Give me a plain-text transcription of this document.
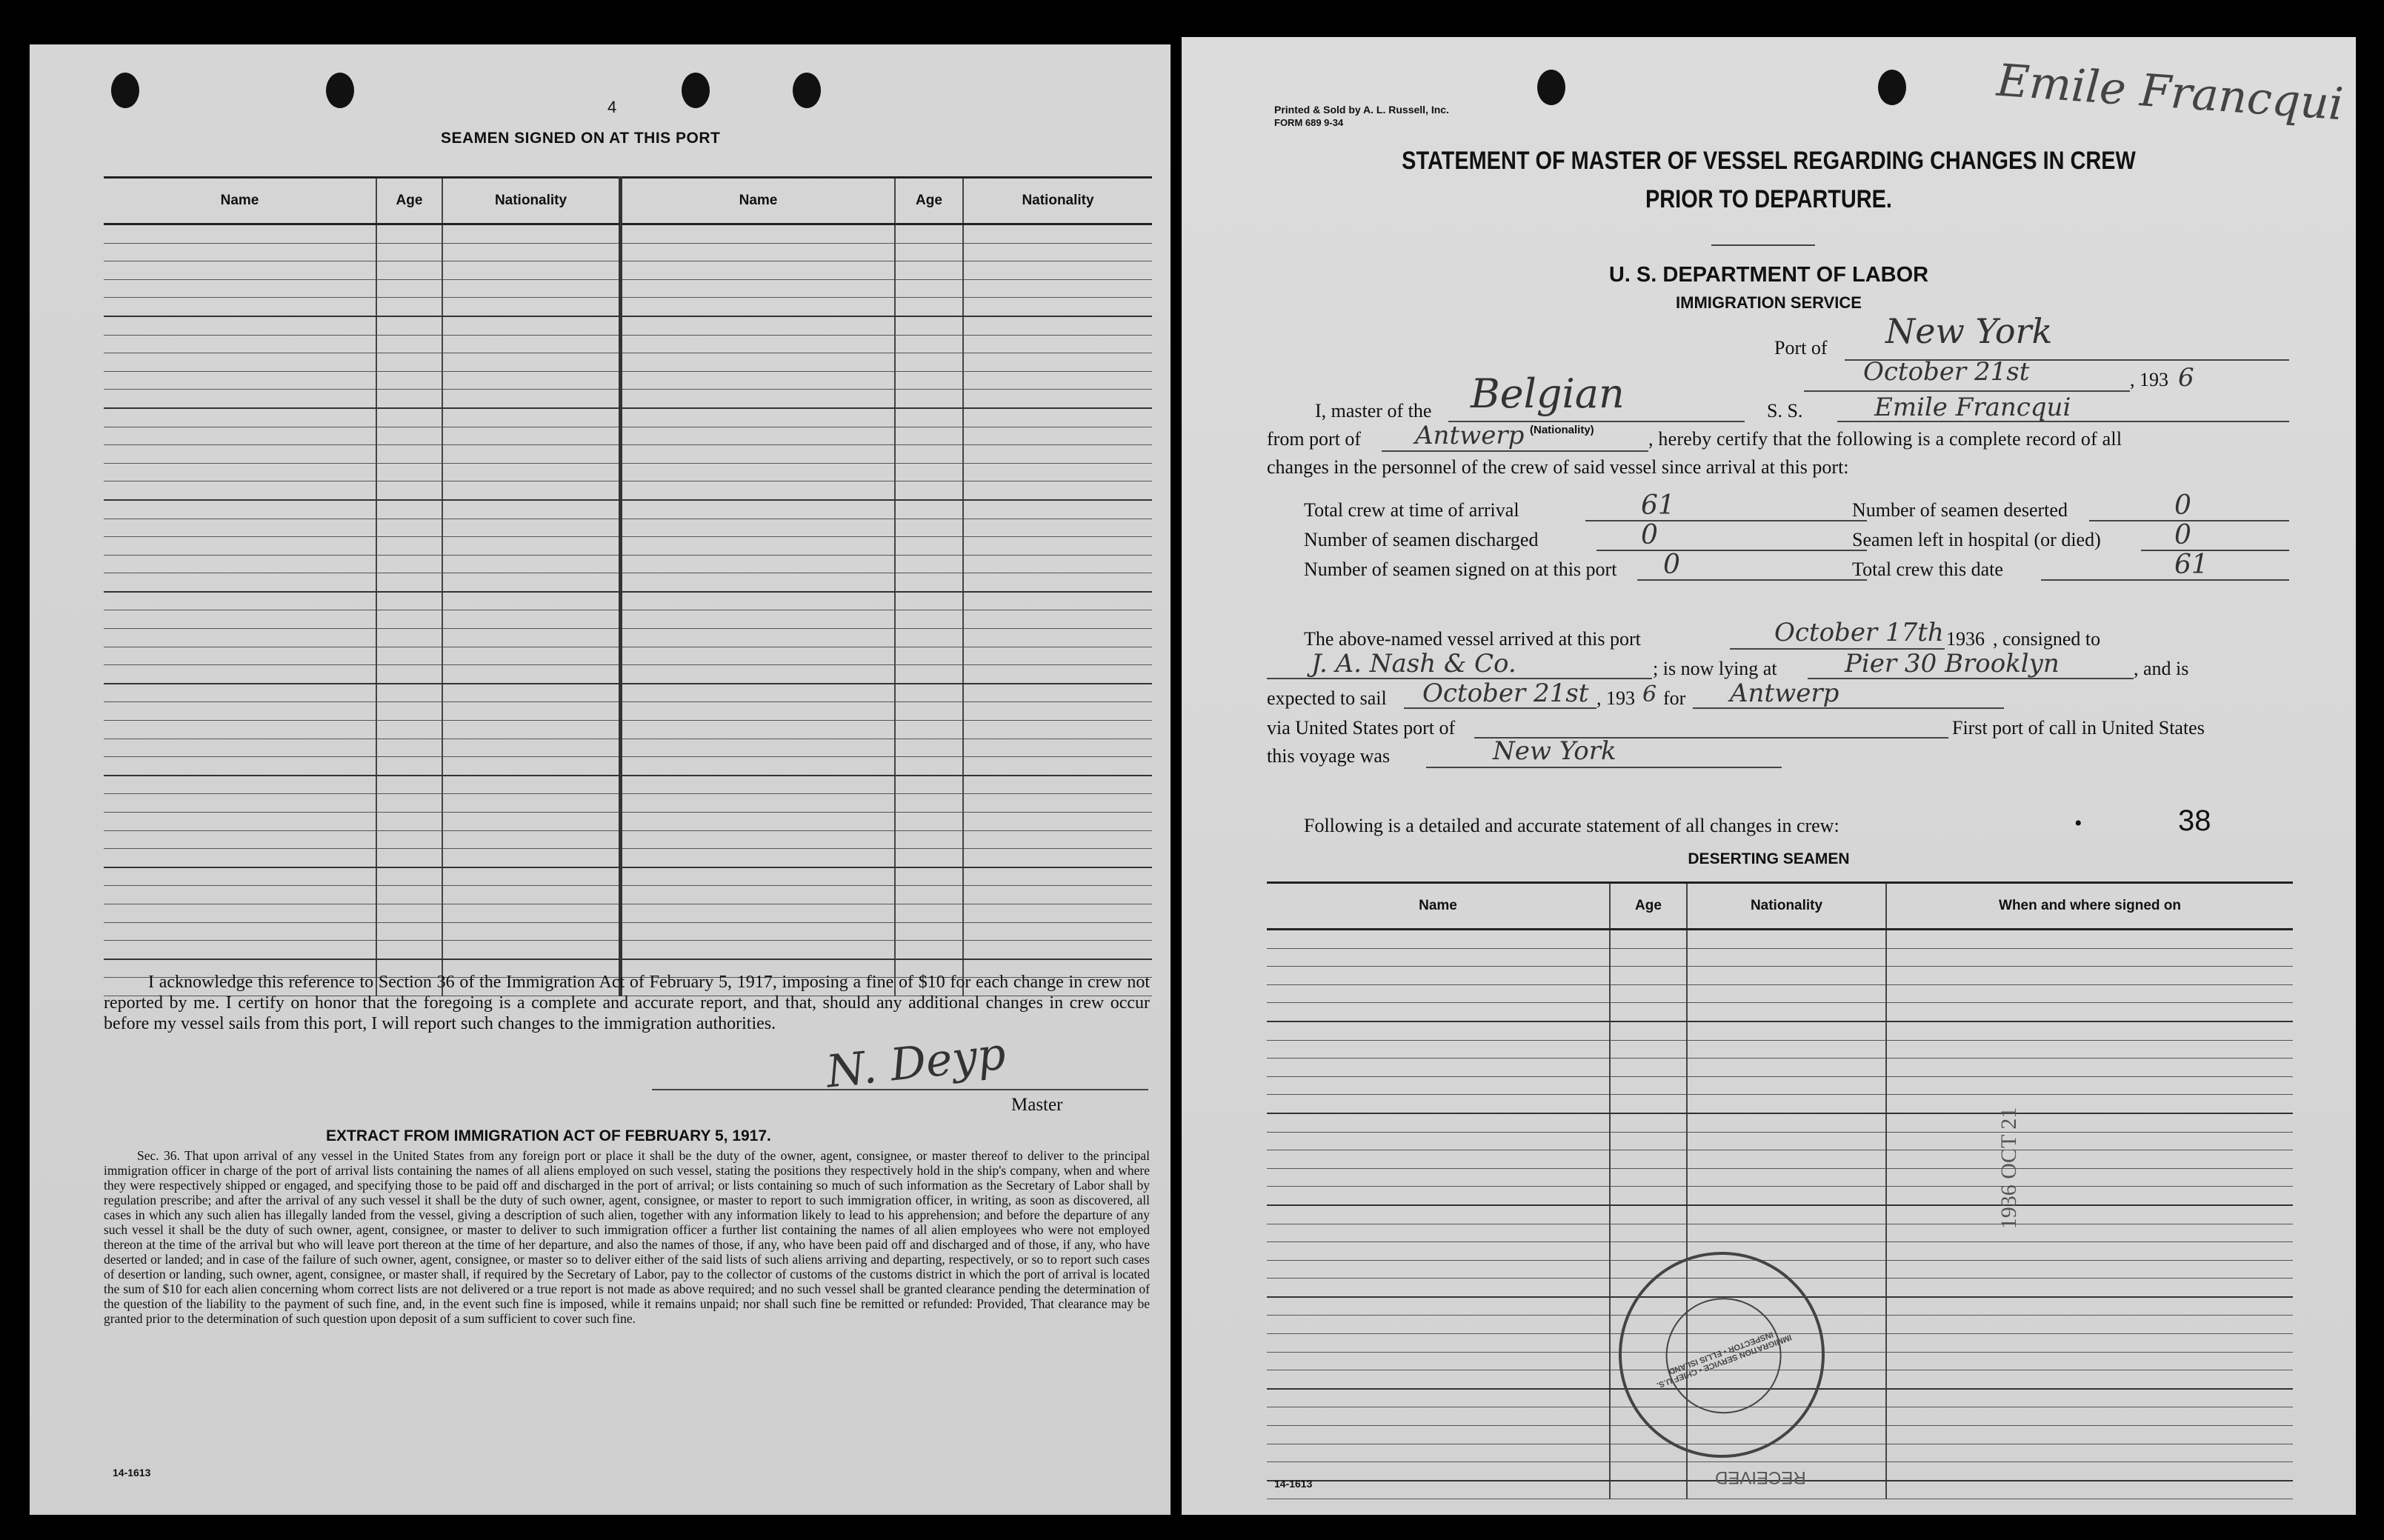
4
SEAMEN SIGNED ON AT THIS PORT
Name	Age	Nationality	Name	Age	Nationality

I acknowledge this reference to Section 36 of the Immigration Act of February 5, 1917, imposing a fine of $10 for each change in crew not reported by me. I certify on honor that the foregoing is a complete and accurate report, and that, should any additional changes in crew occur before my vessel sails from this port, I will report such changes to the immigration authorities.
N. Deyp
Master
EXTRACT FROM IMMIGRATION ACT OF FEBRUARY 5, 1917.
Sec. 36. That upon arrival of any vessel in the United States from any foreign port or place it shall be the duty of the owner, agent, consignee, or master thereof to deliver to the principal immigration officer in charge of the port of arrival lists containing the names of all aliens employed on such vessel, stating the positions they respectively hold in the ship's company, when and where they were respectively shipped or engaged, and specifying those to be paid off and discharged in the port of arrival; or lists containing so much of such information as the Secretary of Labor shall by regulation prescribe; and after the arrival of any such vessel it shall be the duty of such owner, agent, consignee, or master to report to such immigration officer, in writing, as soon as discovered, all cases in which any such alien has illegally landed from the vessel, giving a description of such alien, together with any information likely to lead to his apprehension; and before the departure of any such vessel it shall be the duty of such owner, agent, consignee, or master to deliver to such immigration officer a further list containing the names of all alien employees who were not employed thereon at the time of the arrival but who will leave port thereon at the time of her departure, and also the names of those, if any, who have been paid off and discharged and of those, if any, who have deserted or landed; and in case of the failure of such owner, agent, consignee, or master so to deliver either of the said lists of such aliens arriving and departing, respectively, or so to report such cases of desertion or landing, such owner, agent, consignee, or master shall, if required by the Secretary of Labor, pay to the collector of customs of the customs district in which the port of arrival is located the sum of $10 for each alien concerning whom correct lists are not delivered or a true report is not made as above required; and no such vessel shall be granted clearance pending the determination of the question of the liability to the payment of such fine, and, in the event such fine is imposed, while it remains unpaid; nor shall such fine be remitted or refunded: Provided, That clearance may be granted prior to the determination of such question upon deposit of a sum sufficient to cover such fine.
14-1613
Printed & Sold by A. L. Russell, Inc.
FORM 689 9-34	Emile Francqui
STATEMENT OF MASTER OF VESSEL REGARDING CHANGES IN CREW
PRIOR TO DEPARTURE.
U. S. DEPARTMENT OF LABOR
IMMIGRATION SERVICE
Port of New York
October 21st	, 193 6
I, master of the Belgian
(Nationality)
S. S.	Emile Francqui
from port of Antwerp	, hereby certify that the following is a complete record of all
changes in the personnel of the crew of said vessel since arrival at this port:
Total crew at time of arrival	61	Number of seamen deserted	0
Number of seamen discharged	0	Seamen left in hospital (or died)	0
Number of seamen signed on at this port 0	Total crew this date	61
The above-named vessel arrived at this port	October 17th 1936 , consigned to
J. A. Nash & Co.	; is now lying at	Pier 30 Brooklyn	, and is
expected to sail October 21st , 193 6 for Antwerp
via United States port of	First port of call in United States
this voyage was	New York
Following is a detailed and accurate statement of all changes in crew:	•	38
DESERTING SEAMEN
Name	Age	Nationality	When and where signed on

1936 OCT 21
IMMIGRATION SERVICE • CHIEF U.S. INSPECTOR • ELLIS ISLAND
RECEIVED
14-1613
